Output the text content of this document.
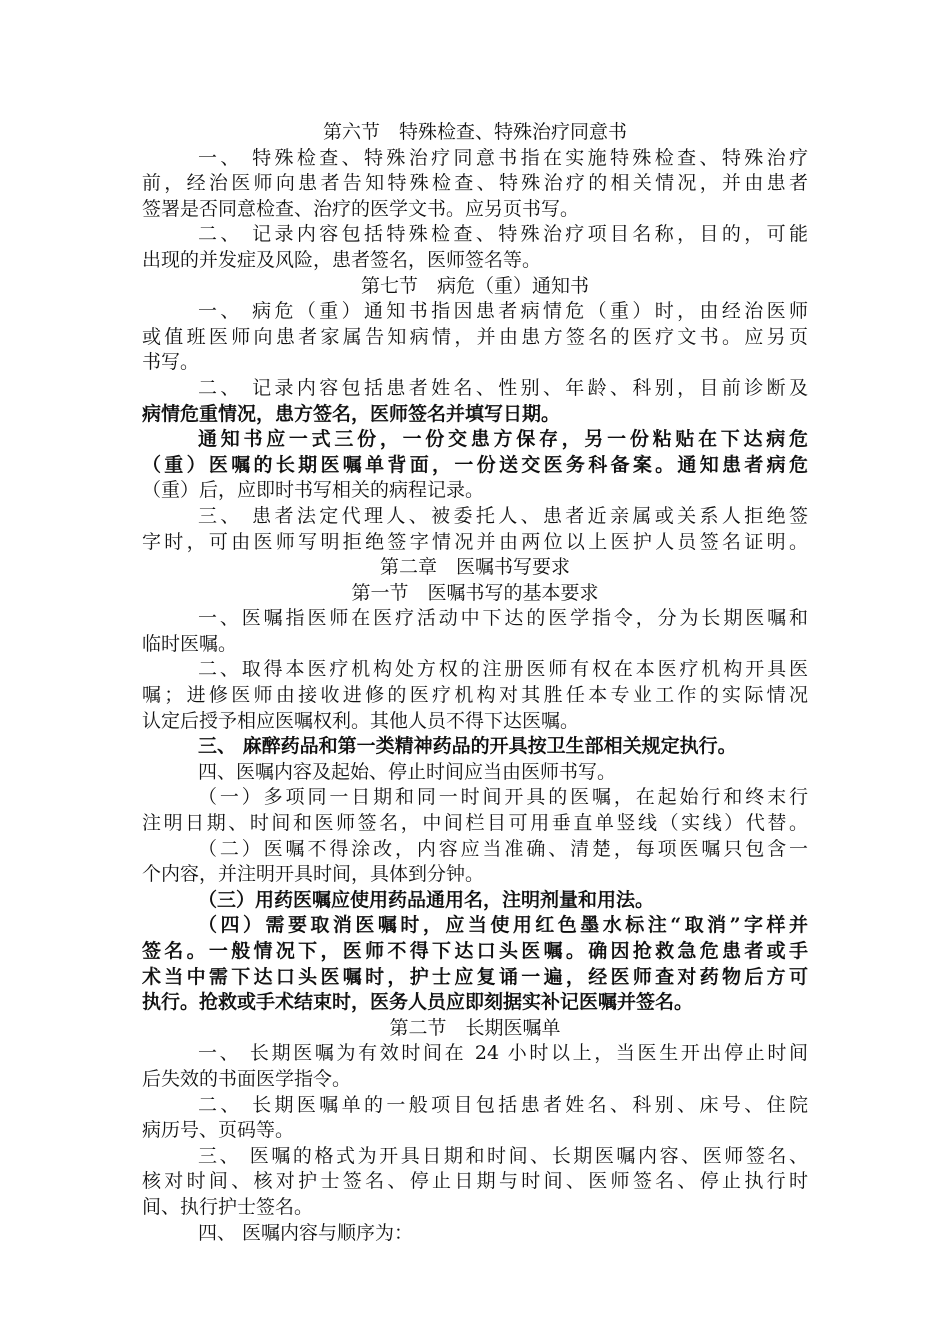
第六节　特殊检查、特殊治疗同意书
一、 特殊检查、特殊治疗同意书指在实施特殊检查、特殊治疗
前，经治医师向患者告知特殊检查、特殊治疗的相关情况，并由患者
签署是否同意检查、治疗的医学文书。应另页书写。
二、 记录内容包括特殊检查、特殊治疗项目名称，目的，可能
出现的并发症及风险，患者签名，医师签名等。
第七节　病危（重）通知书
一、 病危（重）通知书指因患者病情危（重）时，由经治医师
或值班医师向患者家属告知病情，并由患方签名的医疗文书。应另页
书写。
二、 记录内容包括患者姓名、性别、年龄、科别，目前诊断及
病情危重情况，患方签名，医师签名并填写日期。
通知书应一式三份，一份交患方保存，另一份粘贴在下达病危
（重）医嘱的长期医嘱单背面，一份送交医务科备案。通知患者病危
（重）后，应即时书写相关的病程记录。
三、 患者法定代理人、被委托人、患者近亲属或关系人拒绝签
字时，可由医师写明拒绝签字情况并由两位以上医护人员签名证明。
第二章　医嘱书写要求
第一节　医嘱书写的基本要求
一、医嘱指医师在医疗活动中下达的医学指令，分为长期医嘱和
临时医嘱。
二、取得本医疗机构处方权的注册医师有权在本医疗机构开具医
嘱；进修医师由接收进修的医疗机构对其胜任本专业工作的实际情况
认定后授予相应医嘱权利。其他人员不得下达医嘱。
三、 麻醉药品和第一类精神药品的开具按卫生部相关规定执行。
四、医嘱内容及起始、停止时间应当由医师书写。
（一）多项同一日期和同一时间开具的医嘱，在起始行和终末行
注明日期、时间和医师签名，中间栏目可用垂直单竖线（实线）代替。
（二）医嘱不得涂改，内容应当准确、清楚，每项医嘱只包含一
个内容，并注明开具时间，具体到分钟。
（三）用药医嘱应使用药品通用名，注明剂量和用法。
（四）需要取消医嘱时，应当使用红色墨水标注“取消”字样并
签名。一般情况下，医师不得下达口头医嘱。确因抢救急危患者或手
术当中需下达口头医嘱时，护士应复诵一遍，经医师查对药物后方可
执行。抢救或手术结束时，医务人员应即刻据实补记医嘱并签名。
第二节　长期医嘱单
一、 长期医嘱为有效时间在 24 小时以上，当医生开出停止时间
后失效的书面医学指令。
二、 长期医嘱单的一般项目包括患者姓名、科别、床号、住院
病历号、页码等。
三、 医嘱的格式为开具日期和时间、长期医嘱内容、医师签名、
核对时间、核对护士签名、停止日期与时间、医师签名、停止执行时
间、执行护士签名。
四、 医嘱内容与顺序为：
